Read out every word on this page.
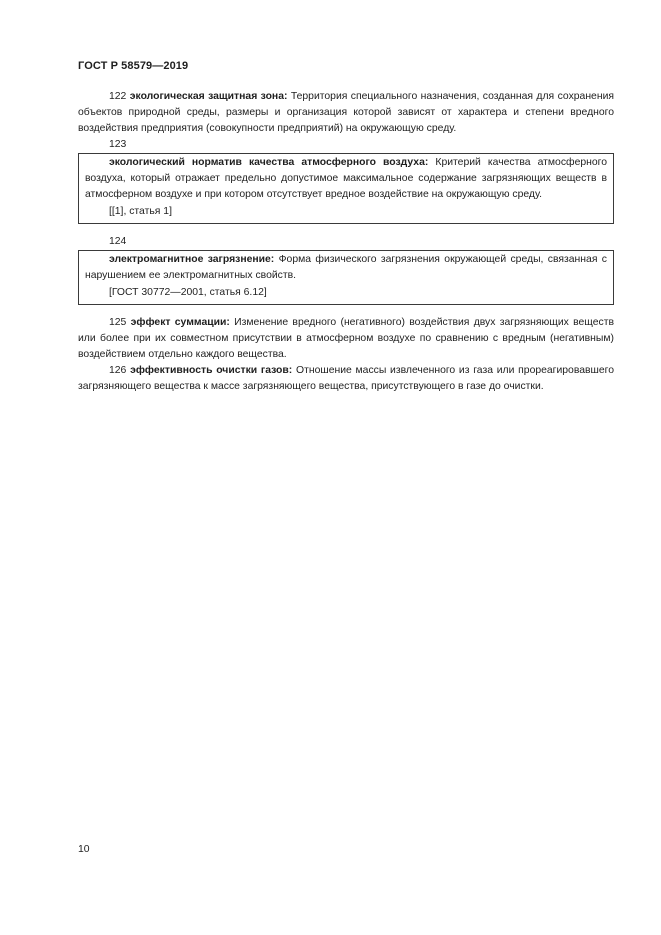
ГОСТ Р 58579—2019

122 экологическая защитная зона: Территория специального назначения, созданная для сохранения объектов природной среды, размеры и организация которой зависят от характера и степени вредного воздействия предприятия (совокупности предприятий) на окружающую среду.

123

экологический норматив качества атмосферного воздуха: Критерий качества атмосферного воздуха, который отражает предельно допустимое максимальное содержание загрязняющих веществ в атмосферном воздухе и при котором отсутствует вредное воздействие на окружающую среду.

[[1], статья 1]

124

электромагнитное загрязнение: Форма физического загрязнения окружающей среды, связанная с нарушением ее электромагнитных свойств.

[ГОСТ 30772—2001, статья 6.12]

125 эффект суммации: Изменение вредного (негативного) воздействия двух загрязняющих веществ или более при их совместном присутствии в атмосферном воздухе по сравнению с вредным (негативным) воздействием отдельно каждого вещества.

126 эффективность очистки газов: Отношение массы извлеченного из газа или прореагировавшего загрязняющего вещества к массе загрязняющего вещества, присутствующего в газе до очистки.

10
